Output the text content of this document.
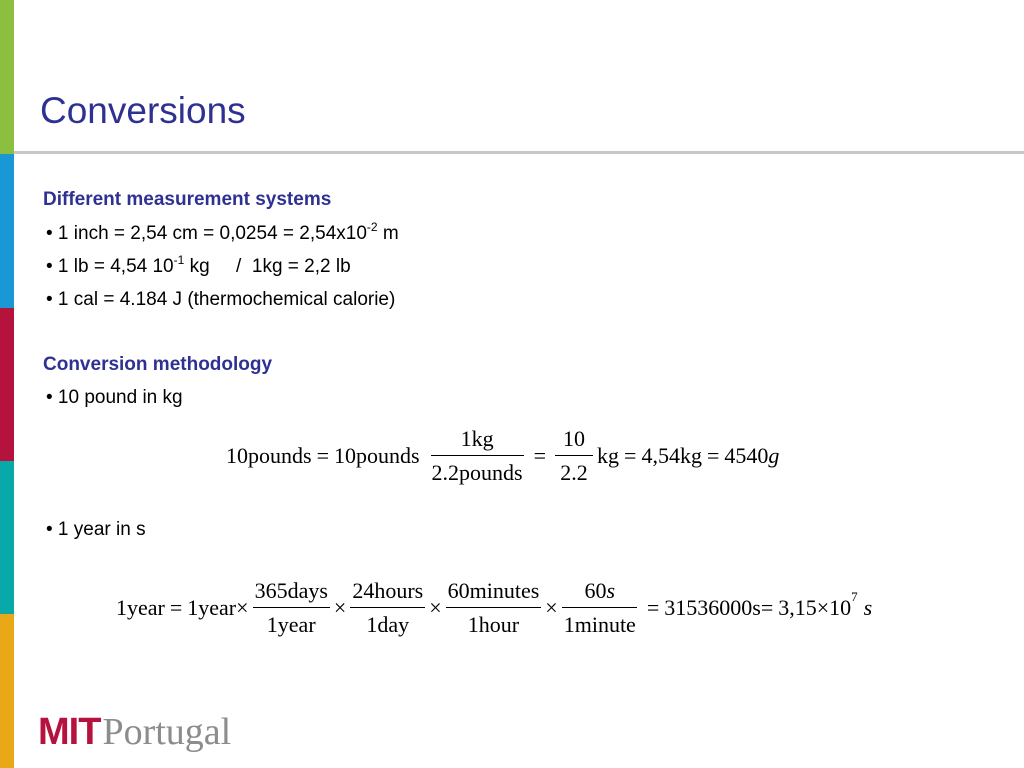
Conversions
Different measurement systems
• 1 inch = 2,54 cm = $0,0254 = 2,54x10^{-2}$ m
• 1 lb = 4,54 $10^{-1}$ kg     /  1kg = 2,2 lb
• 1 cal = 4.184 J (thermochemical calorie)
Conversion methodology
• 10 pound in kg
10pounds = 10pounds $\frac{1kg}{\text{2.2pounds}} = \frac{10}{2.2}$ kg = 4,54kg = 4540g
• 1 year in s
1year = 1year × $\frac{\text{365days}}{\text{1year}} \times \frac{\text{24hours}}{\text{1day}} \times \frac{\text{60minutes}}{\text{1hour}} \times \frac{60s}{\text{1minute}} = 31536000s = 3,15\times 10^7$ s
MIT Portugal
